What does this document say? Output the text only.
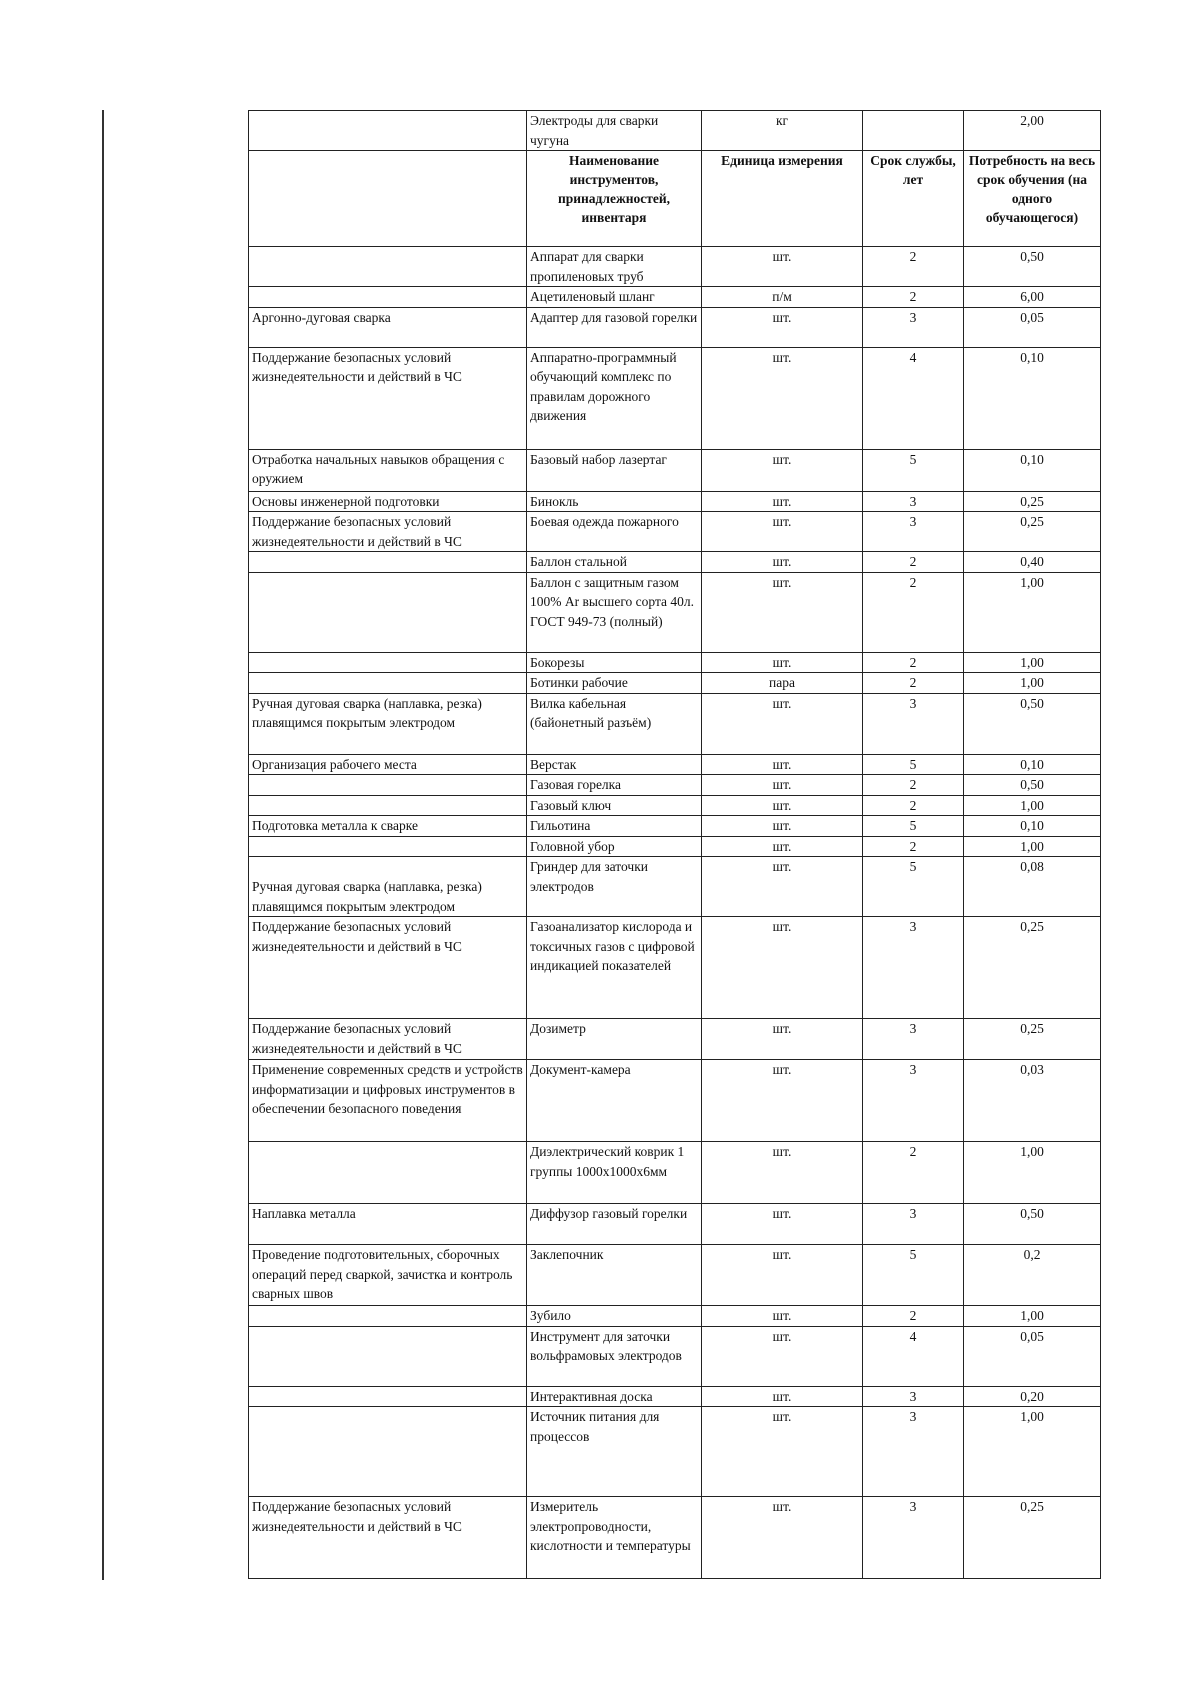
	Электроды для сварки чугуна	кг		2,00
	Наименование инструментов, принадлежностей, инвентаря	Единица измерения	Срок службы, лет	Потребность на весь срок обучения (на одного обучающегося)
	Аппарат для сварки пропиленовых труб	шт.	2	0,50
	Ацетиленовый шланг	п/м	2	6,00
Аргонно-дуговая сварка	Адаптер для газовой горелки	шт.	3	0,05
Поддержание безопасных условий жизнедеятельности и действий в ЧС	Аппаратно-программный обучающий комплекс по правилам дорожного движения	шт.	4	0,10
Отработка начальных навыков обращения с оружием	Базовый набор лазертаг	шт.	5	0,10
Основы инженерной подготовки	Бинокль	шт.	3	0,25
Поддержание безопасных условий жизнедеятельности и действий в ЧС	Боевая одежда пожарного	шт.	3	0,25
	Баллон стальной	шт.	2	0,40
	Баллон с защитным газом 100% Ar высшего сорта 40л. ГОСТ 949-73 (полный)	шт.	2	1,00
	Бокорезы	шт.	2	1,00
	Ботинки рабочие	пара	2	1,00
Ручная дуговая сварка (наплавка, резка) плавящимся покрытым электродом	Вилка кабельная (байонетный разъём)	шт.	3	0,50
Организация рабочего места	Верстак	шт.	5	0,10
	Газовая горелка	шт.	2	0,50
	Газовый ключ	шт.	2	1,00
Подготовка металла к сварке	Гильотина	шт.	5	0,10
	Головной убор	шт.	2	1,00
Ручная дуговая сварка (наплавка, резка) плавящимся покрытым электродом	Гриндер для заточки электродов	шт.	5	0,08
Поддержание безопасных условий жизнедеятельности и действий в ЧС	Газоанализатор кислорода и токсичных газов с цифровой индикацией показателей	шт.	3	0,25
Поддержание безопасных условий жизнедеятельности и действий в ЧС	Дозиметр	шт.	3	0,25
Применение современных средств и устройств информатизации и цифровых инструментов в обеспечении безопасного поведения	Документ-камера	шт.	3	0,03
	Диэлектрический коврик 1 группы 1000х1000х6мм	шт.	2	1,00
Наплавка металла	Диффузор газовый горелки	шт.	3	0,50
Проведение подготовительных, сборочных операций перед сваркой, зачистка и контроль сварных швов	Заклепочник	шт.	5	0,2
	Зубило	шт.	2	1,00
	Инструмент для заточки вольфрамовых электродов	шт.	4	0,05
	Интерактивная доска	шт.	3	0,20
	Источник питания для процессов	шт.	3	1,00
Поддержание безопасных условий жизнедеятельности и действий в ЧС	Измеритель электропроводности, кислотности и температуры	шт.	3	0,25
